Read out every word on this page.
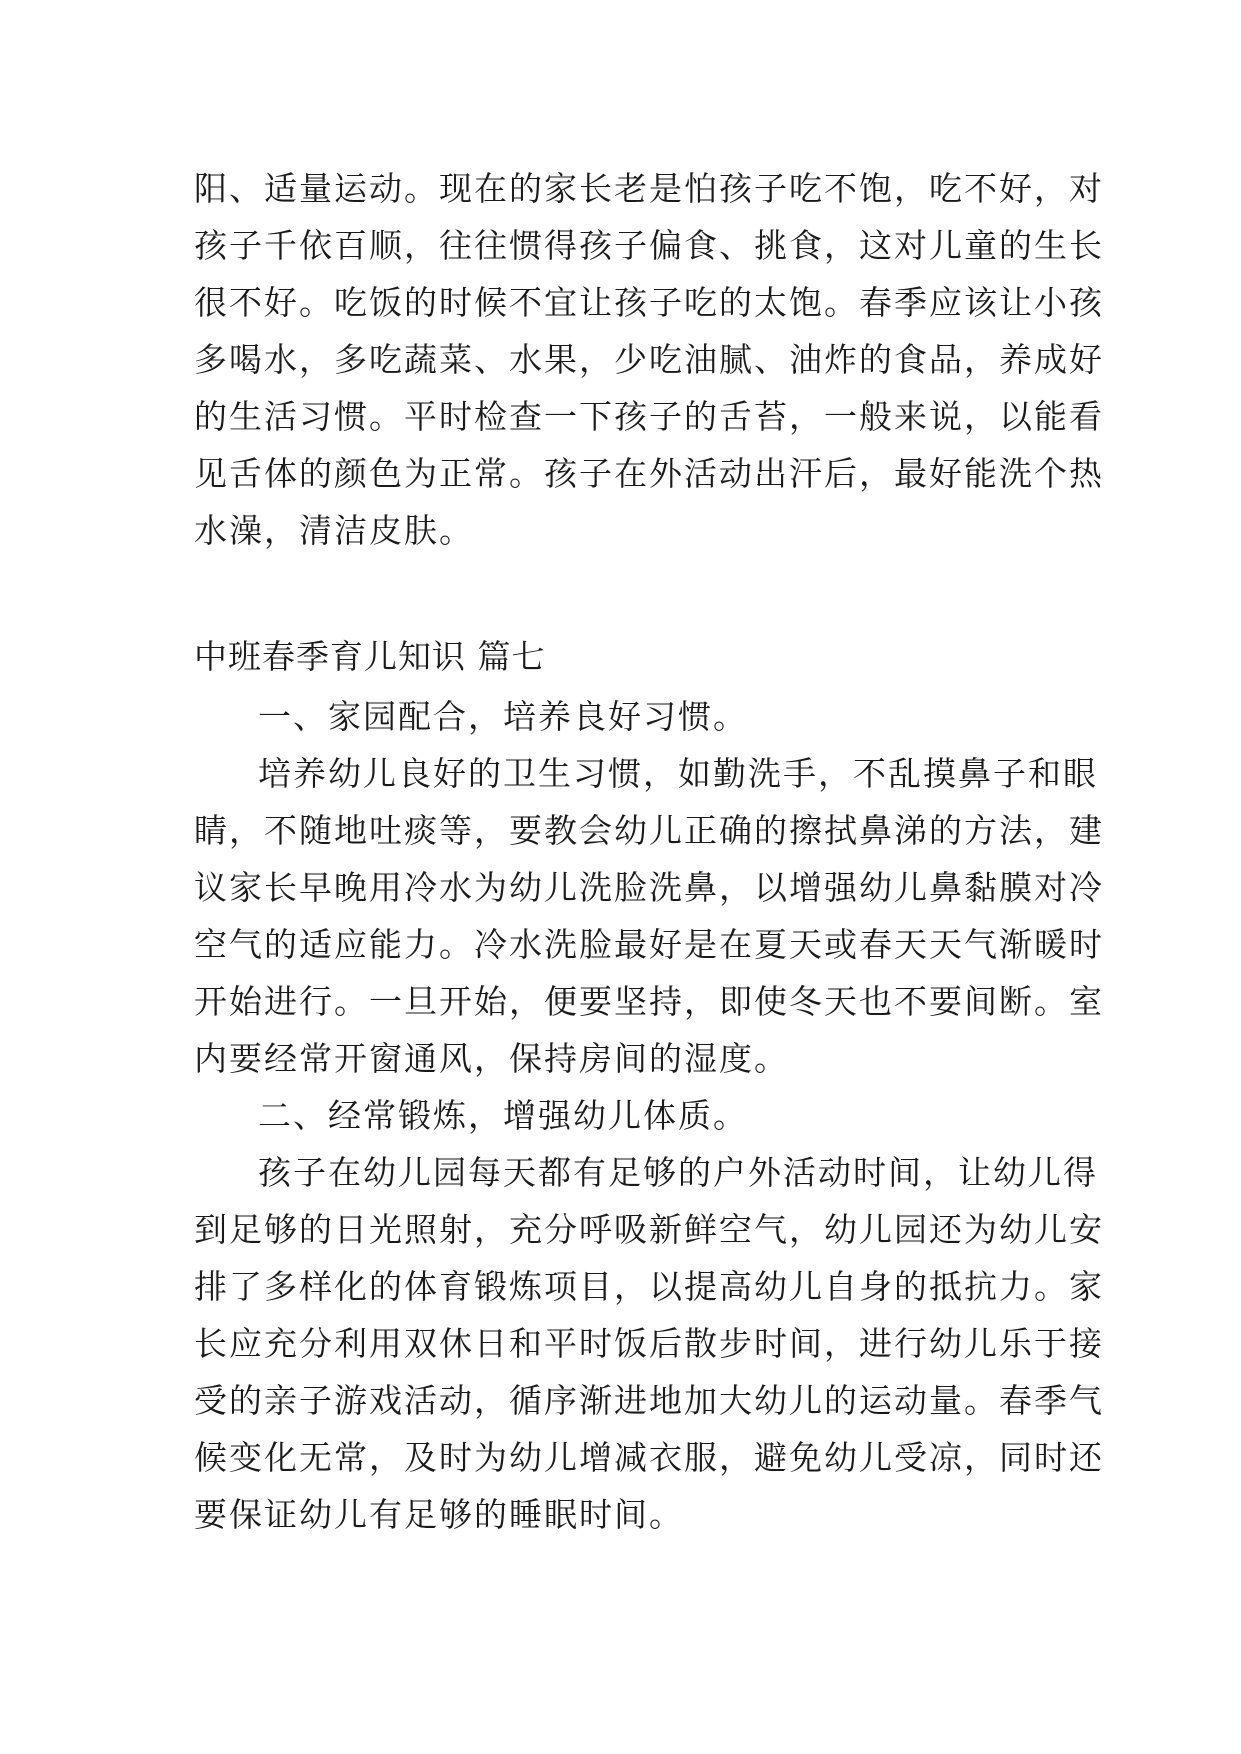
阳、适量运动。现在的家长老是怕孩子吃不饱，吃不好，对
孩子千依百顺，往往惯得孩子偏食、挑食，这对儿童的生长
很不好。吃饭的时候不宜让孩子吃的太饱。春季应该让小孩
多喝水，多吃蔬菜、水果，少吃油腻、油炸的食品，养成好
的生活习惯。平时检查一下孩子的舌苔，一般来说，以能看
见舌体的颜色为正常。孩子在外活动出汗后，最好能洗个热
水澡，清洁皮肤。
中班春季育儿知识 篇七
一、家园配合，培养良好习惯。
培养幼儿良好的卫生习惯，如勤洗手，不乱摸鼻子和眼
睛，不随地吐痰等，要教会幼儿正确的擦拭鼻涕的方法，建
议家长早晚用冷水为幼儿洗脸洗鼻，以增强幼儿鼻黏膜对冷
空气的适应能力。冷水洗脸最好是在夏天或春天天气渐暖时
开始进行。一旦开始，便要坚持，即使冬天也不要间断。室
内要经常开窗通风，保持房间的湿度。
二、经常锻炼，增强幼儿体质。
孩子在幼儿园每天都有足够的户外活动时间，让幼儿得
到足够的日光照射，充分呼吸新鲜空气，幼儿园还为幼儿安
排了多样化的体育锻炼项目，以提高幼儿自身的抵抗力。家
长应充分利用双休日和平时饭后散步时间，进行幼儿乐于接
受的亲子游戏活动，循序渐进地加大幼儿的运动量。春季气
候变化无常，及时为幼儿增减衣服，避免幼儿受凉，同时还
要保证幼儿有足够的睡眠时间。
